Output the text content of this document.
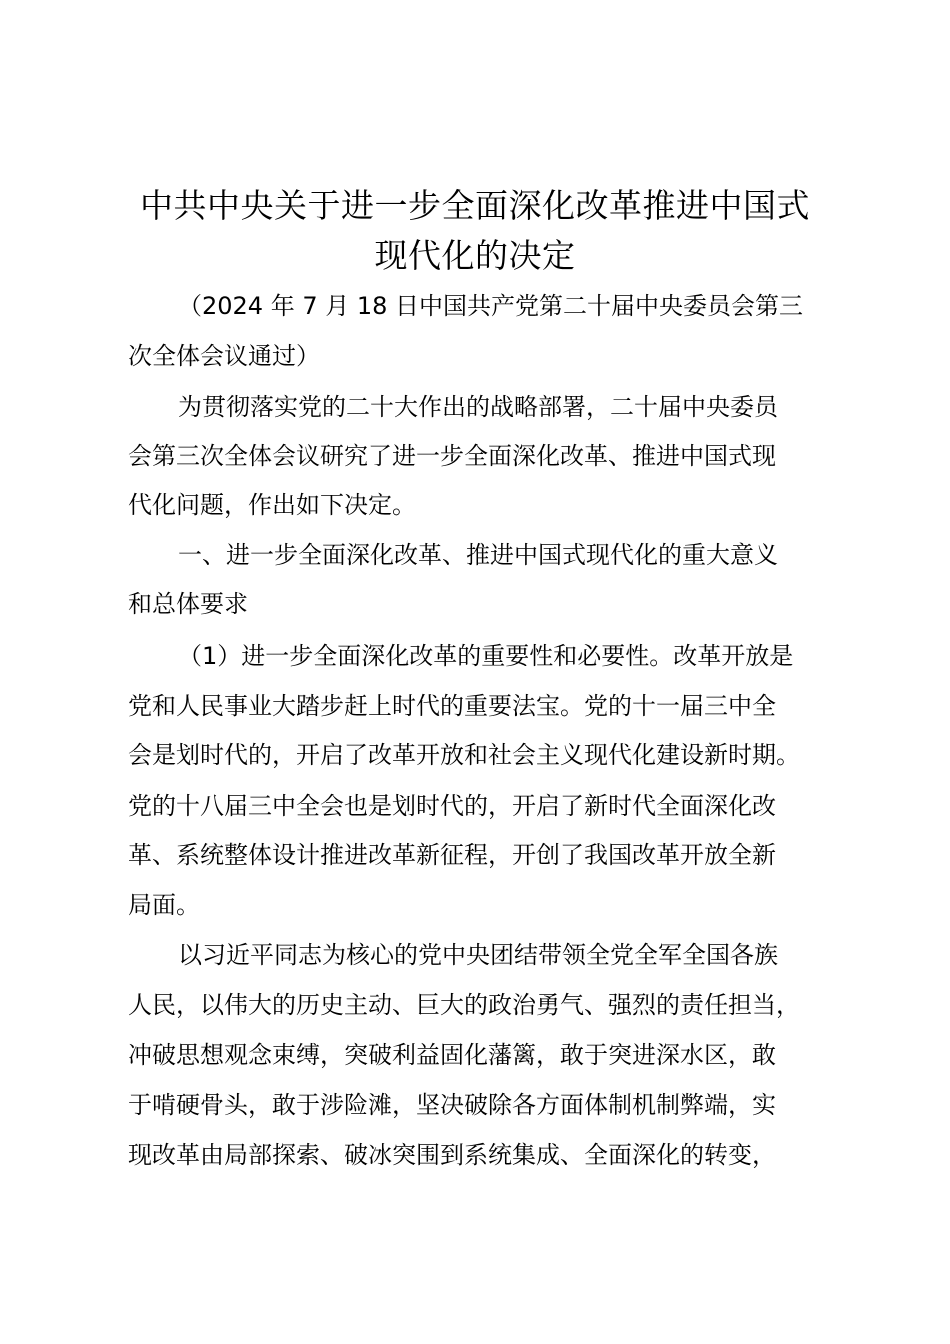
中共中央关于进一步全面深化改革推进中国式
现代化的决定
（2024 年 7 月 18 日中国共产党第二十届中央委员会第三
次全体会议通过）
为贯彻落实党的二十大作出的战略部署，二十届中央委员
会第三次全体会议研究了进一步全面深化改革、推进中国式现
代化问题，作出如下决定。
一、进一步全面深化改革、推进中国式现代化的重大意义
和总体要求
（1）进一步全面深化改革的重要性和必要性。改革开放是
党和人民事业大踏步赶上时代的重要法宝。党的十一届三中全
会是划时代的，开启了改革开放和社会主义现代化建设新时期。
党的十八届三中全会也是划时代的，开启了新时代全面深化改
革、系统整体设计推进改革新征程，开创了我国改革开放全新
局面。
以习近平同志为核心的党中央团结带领全党全军全国各族
人民，以伟大的历史主动、巨大的政治勇气、强烈的责任担当，
冲破思想观念束缚，突破利益固化藩篱，敢于突进深水区，敢
于啃硬骨头，敢于涉险滩，坚决破除各方面体制机制弊端，实
现改革由局部探索、破冰突围到系统集成、全面深化的转变，
